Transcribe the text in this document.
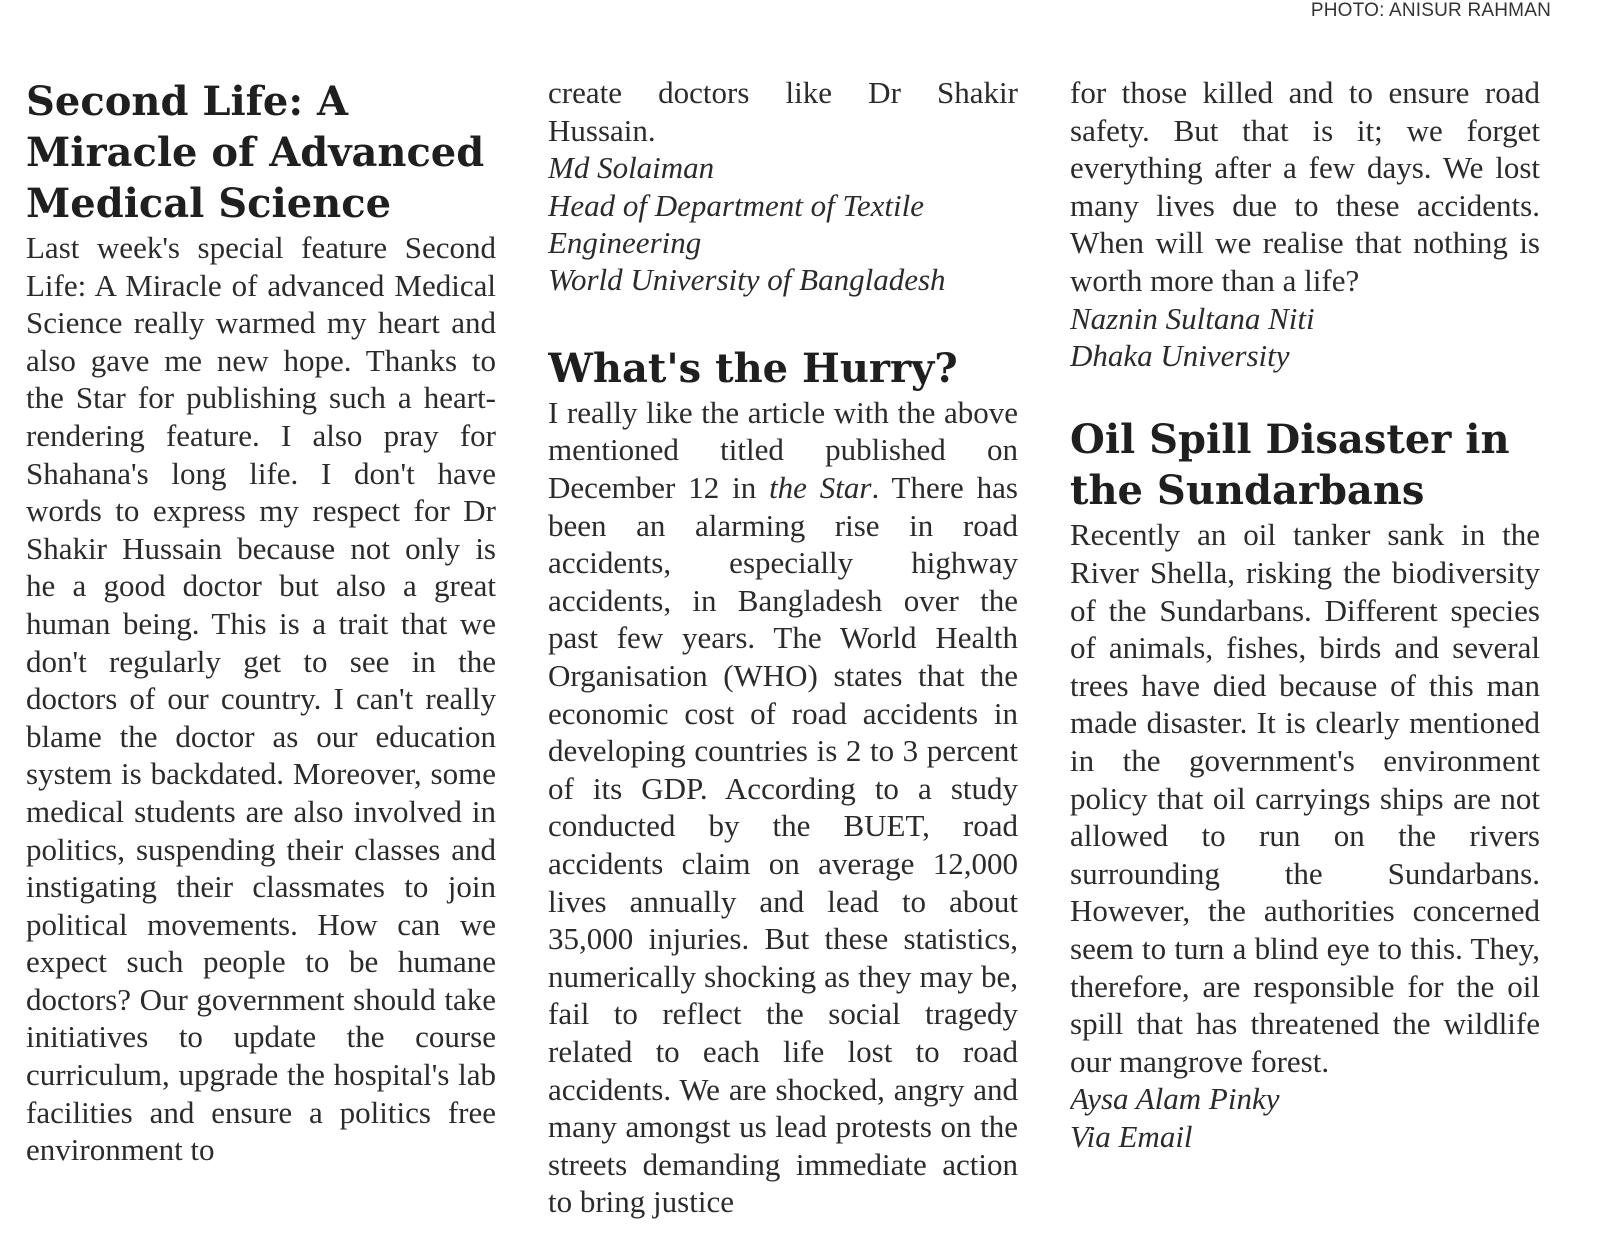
PHOTO: ANISUR RAHMAN
Second Life: A Miracle of Advanced Medical Science

Last week's special feature Second Life: A Miracle of advanced Medical Science really warmed my heart and also gave me new hope. Thanks to the Star for publishing such a heart-rendering feature. I also pray for Shahana's long life. I don't have words to express my respect for Dr Shakir Hussain because not only is he a good doctor but also a great human being. This is a trait that we don't regularly get to see in the doctors of our country. I can't really blame the doctor as our education system is backdated. Moreover, some medical students are also involved in politics, suspending their classes and instigating their classmates to join political movements. How can we expect such people to be humane doctors? Our government should take initiatives to update the course curriculum, upgrade the hospital's lab facilities and ensure a politics free environment to

create doctors like Dr Shakir Hussain.

Md Solaiman
Head of Department of Textile Engineering
World University of Bangladesh
What's the Hurry?

I really like the article with the above mentioned titled published on December 12 in the Star. There has been an alarming rise in road accidents, especially highway accidents, in Bangladesh over the past few years. The World Health Organisation (WHO) states that the economic cost of road accidents in developing countries is 2 to 3 percent of its GDP. According to a study conducted by the BUET, road accidents claim on average 12,000 lives annually and lead to about 35,000 injuries. But these statistics, numerically shocking as they may be, fail to reflect the social tragedy related to each life lost to road accidents. We are shocked, angry and many amongst us lead protests on the streets demanding immediate action to bring justice

for those killed and to ensure road safety. But that is it; we forget everything after a few days. We lost many lives due to these accidents. When will we realise that nothing is worth more than a life?

Naznin Sultana Niti
Dhaka University
Oil Spill Disaster in the Sundarbans

Recently an oil tanker sank in the River Shella, risking the biodiversity of the Sundarbans. Different species of animals, fishes, birds and several trees have died because of this man made disaster. It is clearly mentioned in the government's environment policy that oil carryings ships are not allowed to run on the rivers surrounding the Sundarbans. However, the authorities concerned seem to turn a blind eye to this. They, therefore, are responsible for the oil spill that has threatened the wildlife our mangrove forest.

Aysa Alam Pinky
Via Email
